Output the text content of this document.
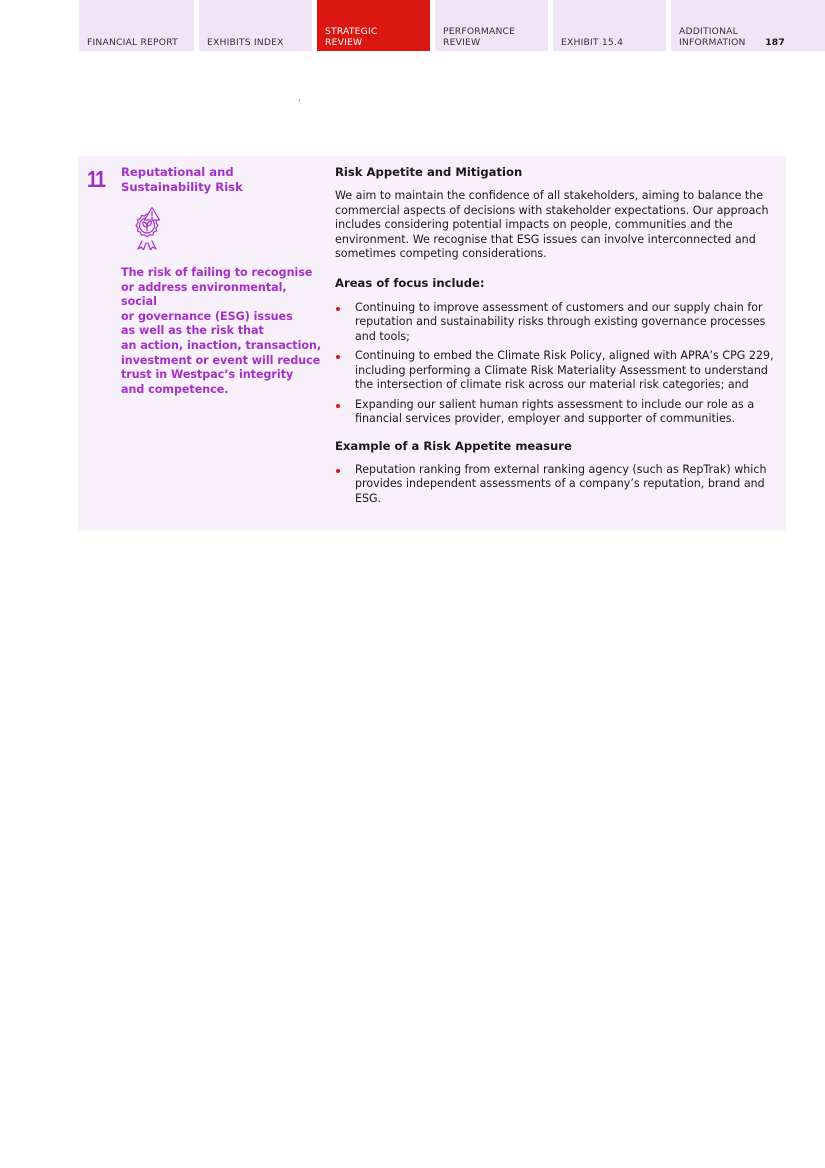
FINANCIAL REPORT	EXHIBITS INDEX
STRATEGIC
REVIEW
PERFORMANCE
REVIEW	EXHIBIT 15.4
ADDITIONAL
INFORMATION	187
11 Reputational and Sustainability Risk
The risk of failing to recognise
or address environmental, social
or governance (ESG) issues
as well as the risk that
an action, inaction, transaction,
investment or event will reduce
trust in Westpac’s integrity
and competence.

Risk Appetite and Mitigation

We aim to maintain the confidence of all stakeholders, aiming to balance the commercial aspects of decisions with stakeholder expectations. Our approach includes considering potential impacts on people, communities and the environment. We recognise that ESG issues can involve interconnected and sometimes competing considerations.

Areas of focus include:

Continuing to improve assessment of customers and our supply chain for reputation and sustainability risks through existing governance processes and tools;
Continuing to embed the Climate Risk Policy, aligned with APRA’s CPG 229, including performing a Climate Risk Materiality Assessment to understand the intersection of climate risk across our material risk categories; and
Expanding our salient human rights assessment to include our role as a financial services provider, employer and supporter of communities.

Example of a Risk Appetite measure

Reputation ranking from external ranking agency (such as RepTrak) which provides independent assessments of a company’s reputation, brand and ESG.
